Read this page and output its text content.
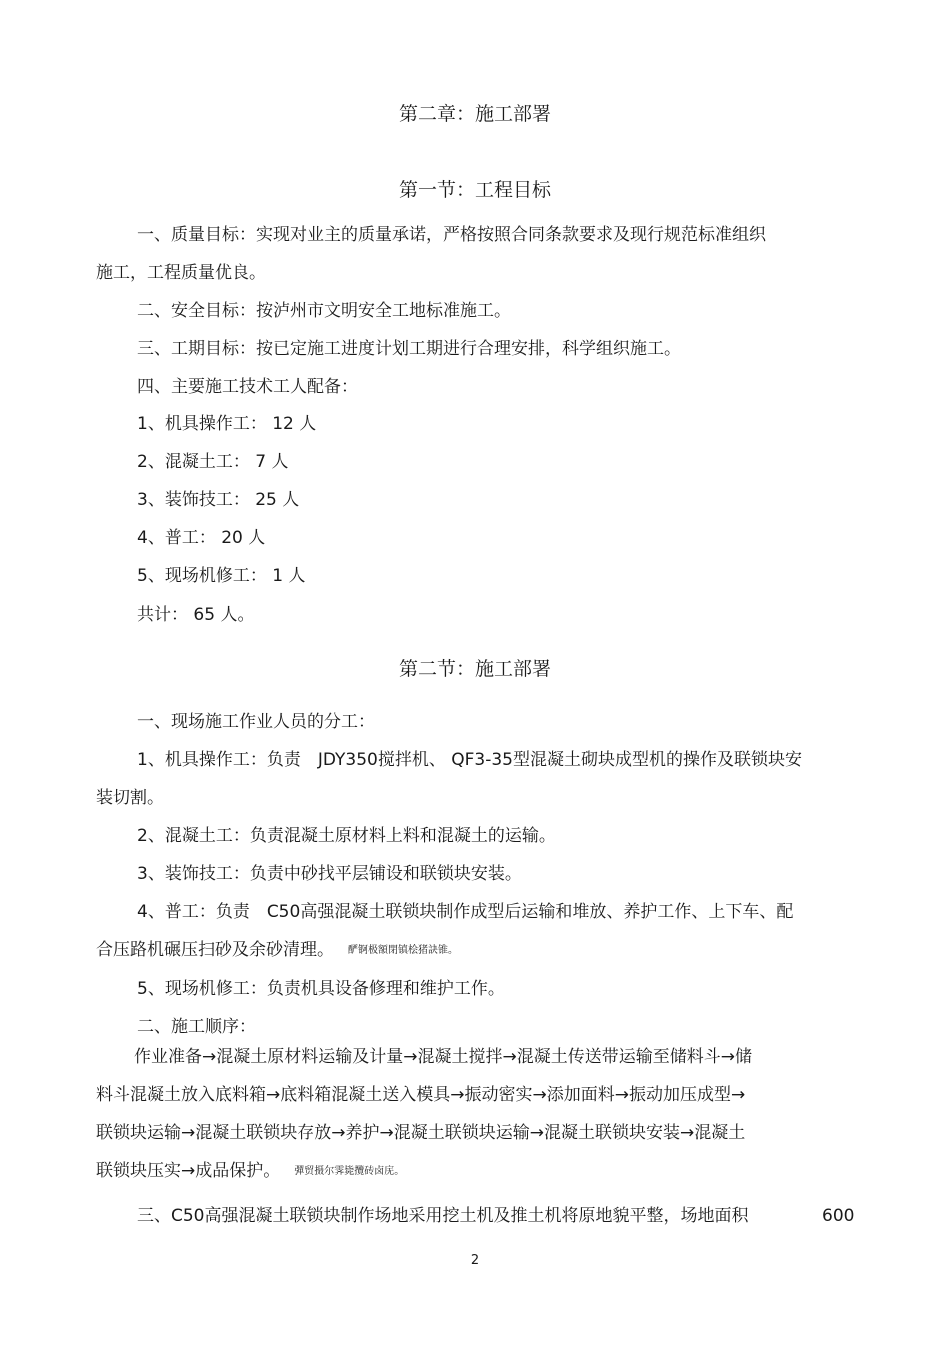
第二章：施工部署
第一节：工程目标
一、质量目标：实现对业主的质量承诺，严格按照合同条款要求及现行规范标准组织
施工，工程质量优良。
二、安全目标：按泸州市文明安全工地标准施工。
三、工期目标：按已定施工进度计划工期进行合理安排，科学组织施工。
四、主要施工技术工人配备：
1、机具操作工： 12 人
2、混凝土工： 7 人
3、装饰技工： 25 人
4、普工： 20 人
5、现场机修工： 1 人
共计： 65 人。
第二节：施工部署
一、现场施工作业人员的分工：
1、机具操作工：负责　JDY350搅拌机、 QF3-35型混凝土砌块成型机的操作及联锁块安
装切割。
2、混凝土工：负责混凝土原材料上料和混凝土的运输。
3、装饰技工：负责中砂找平层铺设和联锁块安装。
4、普工：负责　C50高强混凝土联锁块制作成型后运输和堆放、养护工作、上下车、配
合压路机碾压扫砂及余砂清理。 酽锕极額閉镇桧猪訣锥。
5、现场机修工：负责机具设备修理和维护工作。
二、施工顺序：
作业准备→混凝土原材料运输及计量→混凝土搅拌→混凝土传送带运输至储料斗→储
料斗混凝土放入底料箱→底料箱混凝土送入模具→振动密实→添加面料→振动加压成型→
联锁块运输→混凝土联锁块存放→养护→混凝土联锁块运输→混凝土联锁块安装→混凝土
联锁块压实→成品保护。 彈贸摄尔霁毙攬砖卤庑。
三、C50高强混凝土联锁块制作场地采用挖土机及推土机将原地貌平整，场地面积	600
2
